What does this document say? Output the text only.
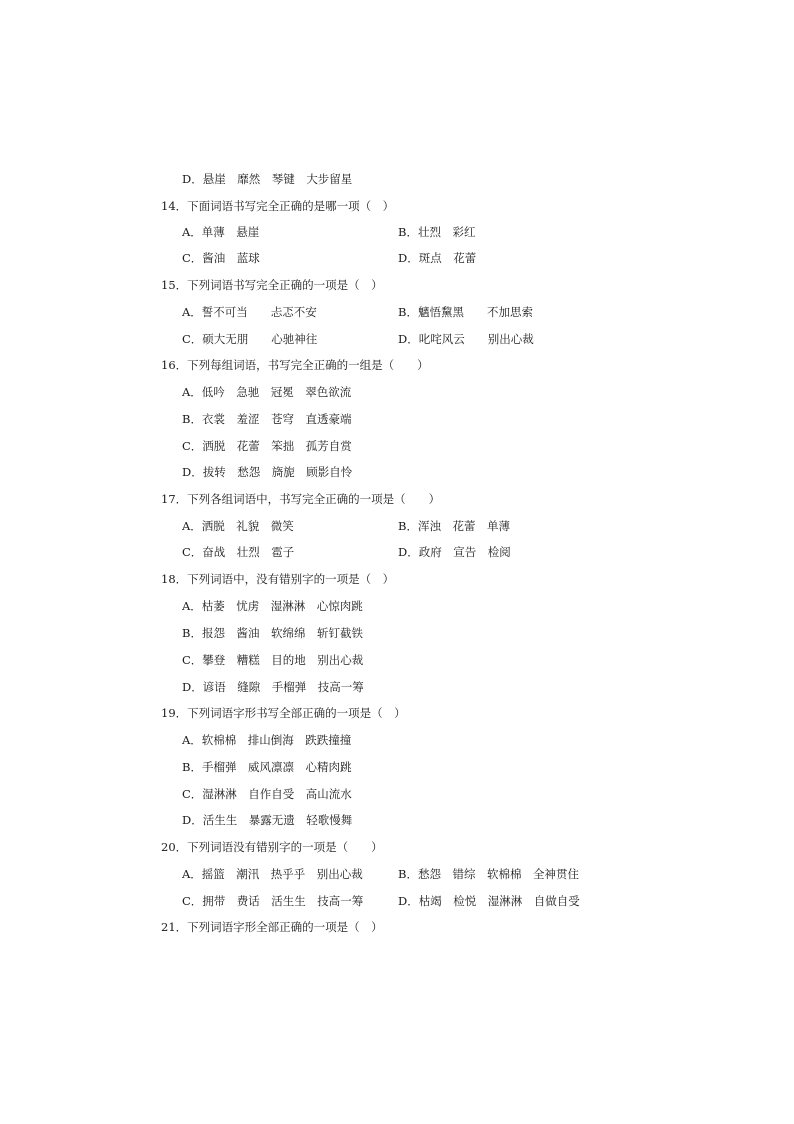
D．悬崖　靡然　琴键　大步留星
14．下面词语书写完全正确的是哪一项（　）
A．单薄　悬崖	B．壮烈　彩红
C．酱油　蓝球	D．斑点　花蕾
15．下列词语书写完全正确的一项是（　）
A．誓不可当　　忐忑不安	B．魑悟黧黑　　不加思索
C．硕大无朋　　心驰神往	D．叱咤风云　　别出心裁
16．下列每组词语，书写完全正确的一组是（　　）
A．低吟　急驰　冠冕　翠色欲流
B．衣裳　羞涩　苍穹　直透豪端
C．洒脱　花蕾　笨拙　孤芳自赏
D．拔转　愁怨　旖旎　顾影自怜
17．下列各组词语中，书写完全正确的一项是（　　）
A．洒脱　礼貌　微笑	B．浑浊　花蕾　单薄
C．奋战　壮烈　雹子	D．政府　宣告　检阅
18．下列词语中，没有错别字的一项是（　）
A．枯萎　忧虏　湿淋淋　心惊肉跳
B．报怨　酱油　软绵绵　斩钉截铁
C．攀登　糟糕　目的地　别出心裁
D．谚语　缝隙　手榴弹　技高一筹
19．下列词语字形书写全部正确的一项是（　）
A．软棉棉　排山倒海　跌跌撞撞
B．手榴弹　威风凛凛　心精肉跳
C．湿淋淋　自作自受　高山流水
D．活生生　暴露无遗　轻歌慢舞
20．下列词语没有错别字的一项是（　　）
A．摇篮　潮汛　热乎乎　别出心裁	B．愁怨　错综　软棉棉　全神贯住
C．拥带　费话　活生生　技高一筹	D．枯竭　检悦　湿淋淋　自做自受
21．下列词语字形全部正确的一项是（　）
